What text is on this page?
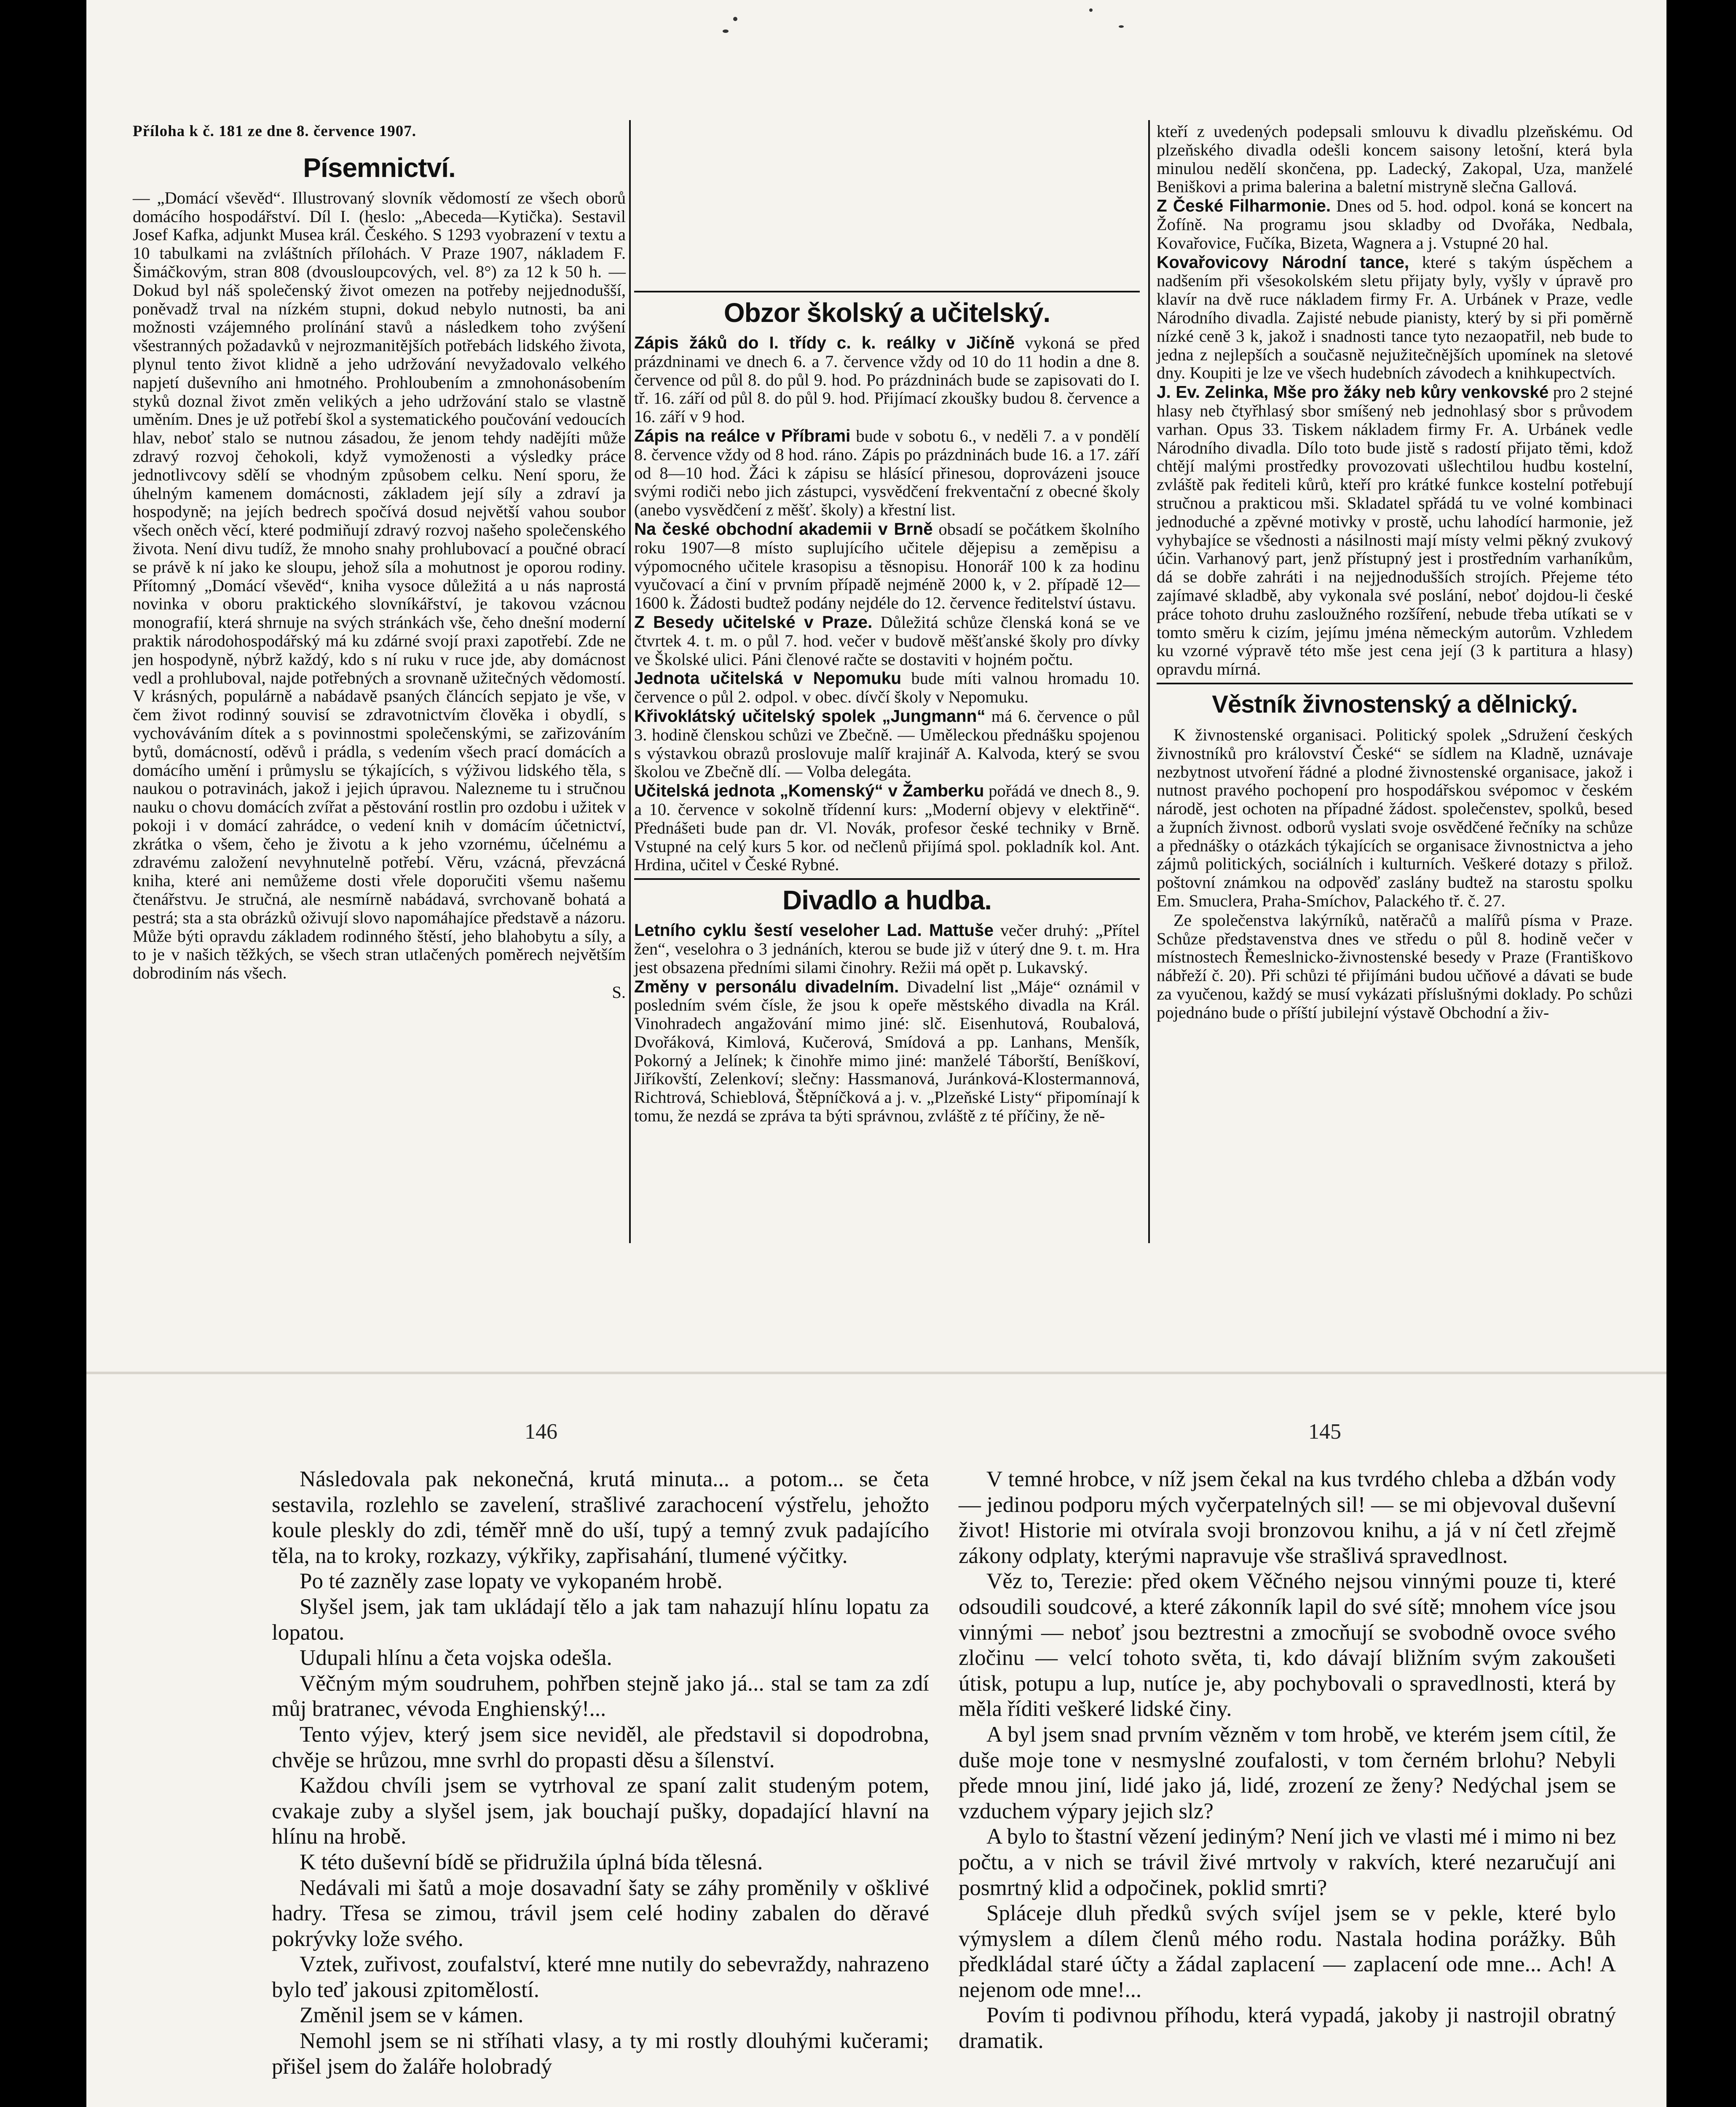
Příloha k č. 181 ze dne 8. července 1907.
Písemnictví.

— „Domácí vševěd“. Illustrovaný slovník vědomostí ze všech oborů domácího hospodářství. Díl I. (heslo: „Abeceda—Kytička). Sestavil Josef Kafka, adjunkt Musea král. Českého. S 1293 vyobrazení v textu a 10 tabulkami na zvláštních přílohách. V Praze 1907, nákladem F. Šimáčkovým, stran 808 (dvousloupcových, vel. 8°) za 12 k 50 h. — Dokud byl náš společenský život omezen na potřeby nejjednodušší, poněvadž trval na nízkém stupni, dokud nebylo nutnosti, ba ani možnosti vzájemného prolínání stavů a následkem toho zvýšení všestranných požadavků v nejrozmanitějších potřebách lidského života, plynul tento život klidně a jeho udržování nevyžadovalo velkého napjetí duševního ani hmotného. Prohloubením a zmnohonásobením styků doznal život změn velikých a jeho udržování stalo se vlastně uměním. Dnes je už potřebí škol a systematického poučování vedoucích hlav, neboť stalo se nutnou zásadou, že jenom tehdy nadějíti může zdravý rozvoj čehokoli, když vymoženosti a výsledky práce jednotlivcovy sdělí se vhodným způsobem celku. Není sporu, že úhelným kamenem domácnosti, základem její síly a zdraví ja hospodyně; na jejích bedrech spočívá dosud největší vahou soubor všech oněch věcí, které podmiňují zdravý rozvoj našeho společenského života. Není divu tudíž, že mnoho snahy prohlubovací a poučné obrací se právě k ní jako ke sloupu, jehož síla a mohutnost je oporou rodiny. Přítomný „Domácí vševěd“, kniha vysoce důležitá a u nás naprostá novinka v oboru praktického slovníkářství, je takovou vzácnou monografií, která shrnuje na svých stránkách vše, čeho dnešní moderní praktik národohospodářský má ku zdárné svojí praxi zapotřebí. Zde ne jen hospodyně, nýbrž každý, kdo s ní ruku v ruce jde, aby domácnost vedl a prohluboval, najde potřebných a srovnaně užitečných vědomostí. V krásných, populárně a nabádavě psaných článcích sepjato je vše, v čem život rodinný souvisí se zdravotnictvím člověka i obydlí, s vychováváním dítek a s povinnostmi společenskými, se zařizováním bytů, domácností, oděvů i prádla, s vedením všech prací domácích a domácího umění i průmyslu se týkajících, s výživou lidského těla, s naukou o potravinách, jakož i jejich úpravou. Nalezneme tu i stručnou nauku o chovu domácích zvířat a pěstování rostlin pro ozdobu i užitek v pokoji i v domácí zahrádce, o vedení knih v domácím účetnictví, zkrátka o všem, čeho je životu a k jeho vzornému, účelnému a zdravému založení nevyhnutelně potřebí. Věru, vzácná, převzácná kniha, které ani nemůžeme dosti vřele doporučiti všemu našemu čtenářstvu. Je stručná, ale nesmírně nabádavá, svrchovaně bohatá a pestrá; sta a sta obrázků oživují slovo napomáhajíce představě a názoru. Může býti opravdu základem rodinného štěstí, jeho blahobytu a síly, a to je v našich těžkých, se všech stran utlačených poměrech největším dobrodiním nás všech.

S.

Obzor školský a učitelský.

Zápis žáků do I. třídy c. k. reálky v Jičíně vykoná se před prázdninami ve dnech 6. a 7. července vždy od 10 do 11 hodin a dne 8. července od půl 8. do půl 9. hod. Po prázdninách bude se zapisovati do I. tř. 16. září od půl 8. do půl 9. hod. Přijímací zkoušky budou 8. července a 16. září v 9 hod.

Zápis na reálce v Příbrami bude v sobotu 6., v neděli 7. a v pondělí 8. července vždy od 8 hod. ráno. Zápis po prázdninách bude 16. a 17. září od 8—10 hod. Žáci k zápisu se hlásící přinesou, doprovázeni jsouce svými rodiči nebo jich zástupci, vysvědčení frekventační z obecné školy (anebo vysvědčení z měšť. školy) a křestní list.

Na české obchodní akademii v Brně obsadí se počátkem školního roku 1907—8 místo suplujícího učitele dějepisu a zeměpisu a výpomocného učitele krasopisu a těsnopisu. Honorář 100 k za hodinu vyučovací a činí v prvním případě nejméně 2000 k, v 2. případě 12—1600 k. Žádosti budtež podány nejdéle do 12. července ředitelství ústavu.

Z Besedy učitelské v Praze. Důležitá schůze členská koná se ve čtvrtek 4. t. m. o půl 7. hod. večer v budově měšťanské školy pro dívky ve Školské ulici. Páni členové račte se dostaviti v hojném počtu.

Jednota učitelská v Nepomuku bude míti valnou hromadu 10. července o půl 2. odpol. v obec. dívčí školy v Nepomuku.

Křivoklátský učitelský spolek „Jungmann“ má 6. července o půl 3. hodině členskou schůzi ve Zbečně. — Uměleckou přednášku spojenou s výstavkou obrazů proslovuje malíř krajinář A. Kalvoda, který se svou školou ve Zbečně dlí. — Volba delegáta.

Učitelská jednota „Komenský“ v Žamberku pořádá ve dnech 8., 9. a 10. července v sokolně třídenní kurs: „Moderní objevy v elektřině“. Přednášeti bude pan dr. Vl. Novák, profesor české techniky v Brně. Vstupné na celý kurs 5 kor. od nečlenů přijímá spol. pokladník kol. Ant. Hrdina, učitel v České Rybné.

Divadlo a hudba.

Letního cyklu šestí veseloher Lad. Mattuše večer druhý: „Přítel žen“, veselohra o 3 jednáních, kterou se bude již v úterý dne 9. t. m. Hra jest obsazena předními silami činohry. Režii má opět p. Lukavský.

Změny v personálu divadelním. Divadelní list „Máje“ oznámil v posledním svém čísle, že jsou k opeře městského divadla na Král. Vinohradech angažování mimo jiné: slč. Eisenhutová, Roubalová, Dvořáková, Kimlová, Kučerová, Smídová a pp. Lanhans, Menšík, Pokorný a Jelínek; k činohře mimo jiné: manželé Táborští, Beníškoví, Jiříkovští, Zelenkoví; slečny: Hassmanová, Juránková-Klostermannová, Richtrová, Schieblová, Štěpníčková a j. v. „Plzeňské Listy“ připomínají k tomu, že nezdá se zpráva ta býti správnou, zvláště z té příčiny, že ně-

kteří z uvedených podepsali smlouvu k divadlu plzeňskému. Od plzeňského divadla odešli koncem saisony letošní, která byla minulou nedělí skončena, pp. Ladecký, Zakopal, Uza, manželé Beniškovi a prima balerina a baletní mistryně slečna Gallová.

Z České Filharmonie. Dnes od 5. hod. odpol. koná se koncert na Žofíně. Na programu jsou skladby od Dvořáka, Nedbala, Kovařovice, Fučíka, Bizeta, Wagnera a j. Vstupné 20 hal.

Kovařovicovy Národní tance, které s takým úspěchem a nadšením při všesokolském sletu přijaty byly, vyšly v úpravě pro klavír na dvě ruce nákladem firmy Fr. A. Urbánek v Praze, vedle Národního divadla. Zajisté nebude pianisty, který by si při poměrně nízké ceně 3 k, jakož i snadnosti tance tyto nezaopatřil, neb bude to jedna z nejlepších a současně nejužitečnějších upomínek na sletové dny. Koupiti je lze ve všech hudebních závodech a knihkupectvích.

J. Ev. Zelinka, Mše pro žáky neb kůry venkovské pro 2 stejné hlasy neb čtyřhlasý sbor smíšený neb jednohlasý sbor s průvodem varhan. Opus 33. Tiskem nákladem firmy Fr. A. Urbánek vedle Národního divadla. Dílo toto bude jistě s radostí přijato těmi, kdož chtějí malými prostředky provozovati ušlechtilou hudbu kostelní, zvláště pak řediteli kůrů, kteří pro krátké funkce kostelní potřebují stručnou a prakticou mši. Skladatel spřádá tu ve volné kombinaci jednoduché a zpěvné motivky v prostě, uchu lahodící harmonie, jež vyhybajíce se všednosti a násilnosti mají místy velmi pěkný zvukový účin. Varhanový part, jenž přístupný jest i prostředním varhaníkům, dá se dobře zahráti i na nejjednodušších strojích. Přejeme této zajímavé skladbě, aby vykonala své poslání, neboť dojdou-li české práce tohoto druhu zasloužného rozšíření, nebude třeba utíkati se v tomto směru k cizím, jejímu jména německým autorům. Vzhledem ku vzorné výpravě této mše jest cena její (3 k partitura a hlasy) opravdu mírná.

Věstník živnostenský a dělnický.

K živnostenské organisaci. Politický spolek „Sdružení českých živnostníků pro království České“ se sídlem na Kladně, uznávaje nezbytnost utvoření řádné a plodné živnostenské organisace, jakož i nutnost pravého pochopení pro hospodářskou svépomoc v českém národě, jest ochoten na případné žádost. společenstev, spolků, besed a župních živnost. odborů vyslati svoje osvědčené řečníky na schůze a přednášky o otázkách týkajících se organisace živnostnictva a jeho zájmů politických, sociálních i kulturních. Veškeré dotazy s přilož. poštovní známkou na odpověď zaslány budtež na starostu spolku Em. Smuclera, Praha-Smíchov, Palackého tř. č. 27.

Ze společenstva lakýrníků, natěračů a malířů písma v Praze. Schůze představenstva dnes ve středu o půl 8. hodině večer v místnostech Řemeslnicko-živnostenské besedy v Praze (Františkovo nábřeží č. 20). Při schůzi té přijímáni budou učňové a dávati se bude za vyučenou, každý se musí vykázati příslušnými doklady. Po schůzi pojednáno bude o příští jubilejní výstavě Obchodní a živ-

146	145

Následovala pak nekonečná, krutá minuta... a potom... se četa sestavila, rozlehlo se zavelení, strašlivé zarachocení výstřelu, jehožto koule pleskly do zdi, téměř mně do uší, tupý a temný zvuk padajícího těla, na to kroky, rozkazy, výkřiky, zapřisahání, tlumené výčitky.

Po té zazněly zase lopaty ve vykopaném hrobě.

Slyšel jsem, jak tam ukládají tělo a jak tam nahazují hlínu lopatu za lopatou.

Udupali hlínu a četa vojska odešla.

Věčným mým soudruhem, pohřben stejně jako já... stal se tam za zdí můj bratranec, vévoda Enghienský!...

Tento výjev, který jsem sice neviděl, ale představil si dopodrobna, chvěje se hrůzou, mne svrhl do propasti děsu a šílenství.

Každou chvíli jsem se vytrhoval ze spaní zalit studeným potem, cvakaje zuby a slyšel jsem, jak bouchají pušky, dopadající hlavní na hlínu na hrobě.

K této duševní bídě se přidružila úplná bída tělesná.

Nedávali mi šatů a moje dosavadní šaty se záhy proměnily v ošklivé hadry. Třesa se zimou, trávil jsem celé hodiny zabalen do děravé pokrývky lože svého.

Vztek, zuřivost, zoufalství, které mne nutily do sebevraždy, nahrazeno bylo teď jakousi zpitomělostí.

Změnil jsem se v kámen.

Nemohl jsem se ni stříhati vlasy, a ty mi rostly dlouhými kučerami; přišel jsem do žaláře holobradý

V temné hrobce, v níž jsem čekal na kus tvrdého chleba a džbán vody — jedinou podporu mých vyčerpatelných sil! — se mi objevoval duševní život! Historie mi otvírala svoji bronzovou knihu, a já v ní četl zřejmě zákony odplaty, kterými napravuje vše strašlivá spravedlnost.

Věz to, Terezie: před okem Věčného nejsou vinnými pouze ti, které odsoudili soudcové, a které zákonník lapil do své sítě; mnohem více jsou vinnými — neboť jsou beztrestni a zmocňují se svobodně ovoce svého zločinu — velcí tohoto světa, ti, kdo dávají bližním svým zakoušeti útisk, potupu a lup, nutíce je, aby pochybovali o spravedlnosti, která by měla říditi veškeré lidské činy.

A byl jsem snad prvním vězněm v tom hrobě, ve kterém jsem cítil, že duše moje tone v nesmyslné zoufalosti, v tom černém brlohu? Nebyli přede mnou jiní, lidé jako já, lidé, zrození ze ženy? Nedýchal jsem se vzduchem výpary jejich slz?

A bylo to štastní vězení jediným? Není jich ve vlasti mé i mimo ni bez počtu, a v nich se trávil živé mrtvoly v rakvích, které nezaručují ani posmrtný klid a odpočinek, poklid smrti?

Spláceje dluh předků svých svíjel jsem se v pekle, které bylo výmyslem a dílem členů mého rodu. Nastala hodina porážky. Bůh předkládal staré účty a žádal zaplacení — zaplacení ode mne... Ach! A nejenom ode mne!...

Povím ti podivnou příhodu, která vypadá, jakoby ji nastrojil obratný dramatik.
